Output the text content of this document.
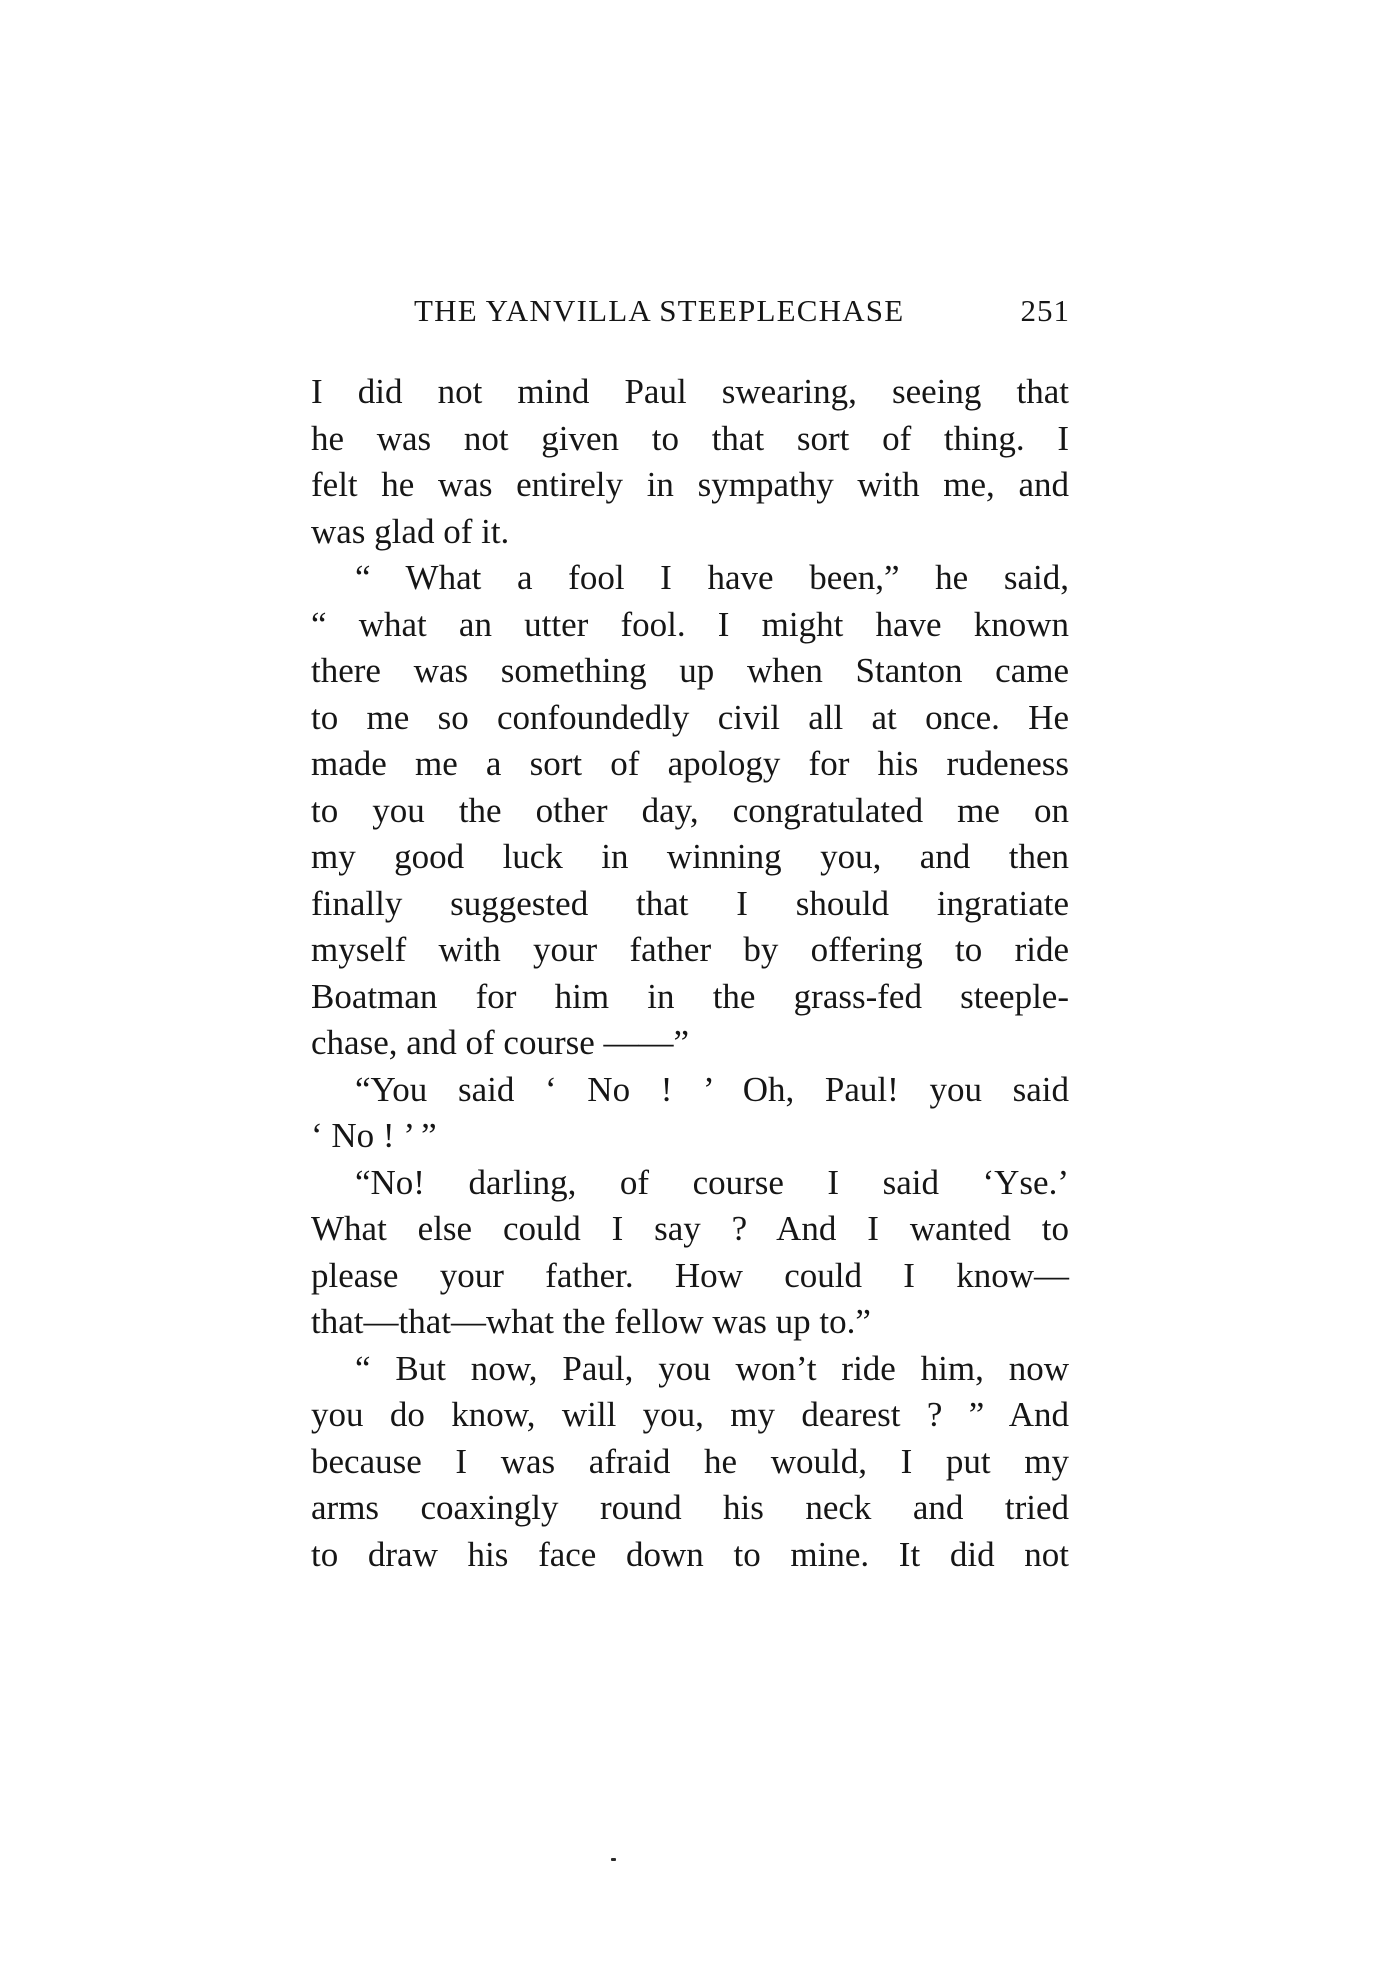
THE YANVILLA STEEPLECHASE	251
I did not mind Paul swearing, seeing that
he was not given to that sort of thing. I
felt he was entirely in sympathy with me, and
was glad of it.
“ What a fool I have been,” he said,
“ what an utter fool. I might have known
there was something up when Stanton came
to me so confoundedly civil all at once. He
made me a sort of apology for his rudeness
to you the other day, congratulated me on
my good luck in winning you, and then
finally suggested that I should ingratiate
myself with your father by offering to ride
Boatman for him in the grass-fed steeple-
chase, and of course ——”
“You said ‘ No ! ’ Oh, Paul! you said
‘ No ! ’ ”
“No! darling, of course I said ‘Yse.’
What else could I say ? And I wanted to
please your father. How could I know—
that—that—what the fellow was up to.”
“ But now, Paul, you won’t ride him, now
you do know, will you, my dearest ? ” And
because I was afraid he would, I put my
arms coaxingly round his neck and tried
to draw his face down to mine. It did not
